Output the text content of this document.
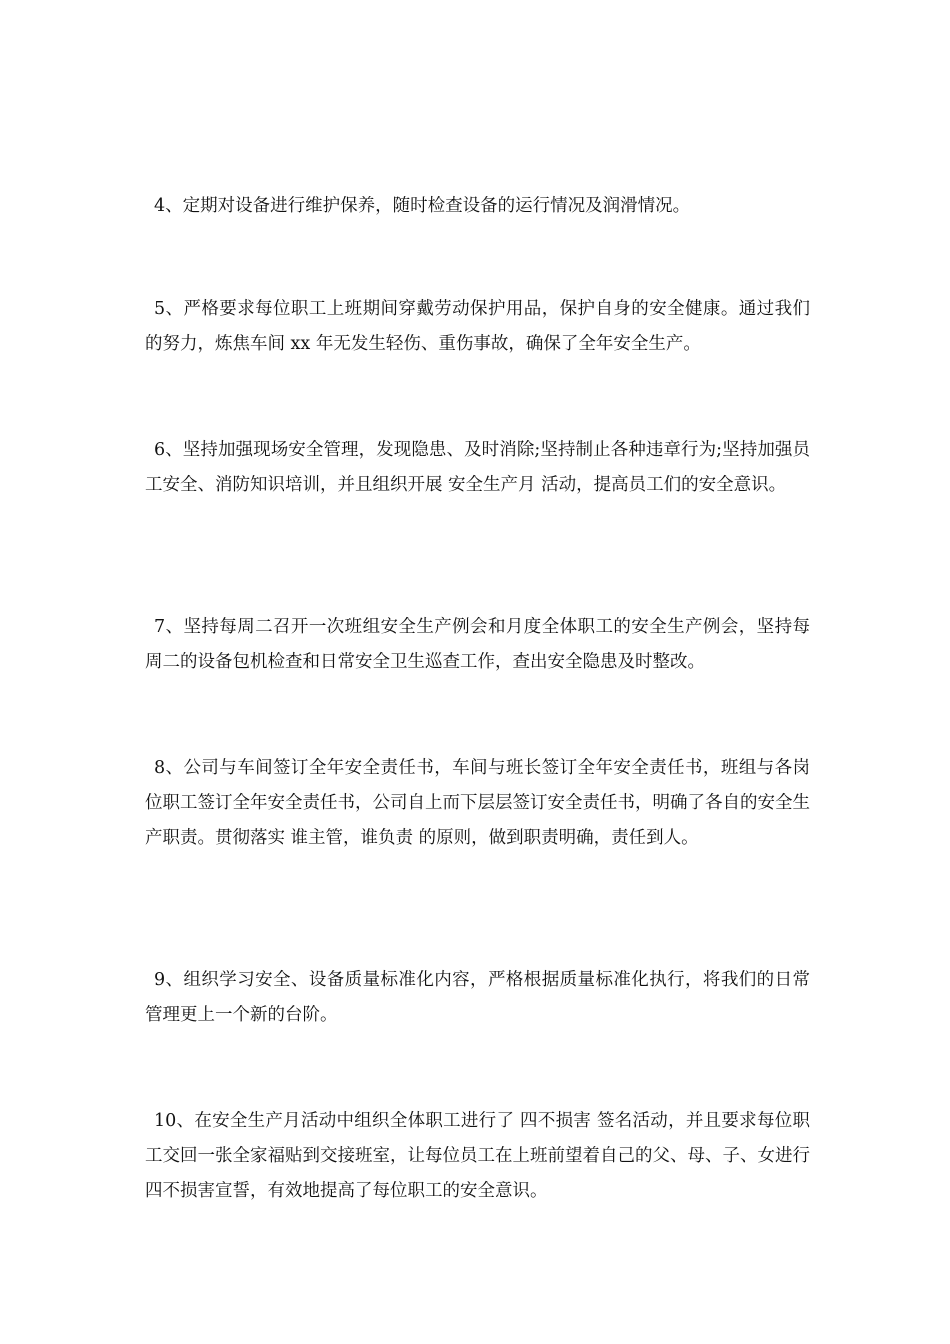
4、定期对设备进行维护保养，随时检查设备的运行情况及润滑情况。

5、严格要求每位职工上班期间穿戴劳动保护用品，保护自身的安全健康。通过我们的努力，炼焦车间 xx 年无发生轻伤、重伤事故，确保了全年安全生产。

6、坚持加强现场安全管理，发现隐患、及时消除;坚持制止各种违章行为;坚持加强员工安全、消防知识培训，并且组织开展 安全生产月 活动，提高员工们的安全意识。

7、坚持每周二召开一次班组安全生产例会和月度全体职工的安全生产例会，坚持每周二的设备包机检查和日常安全卫生巡查工作，查出安全隐患及时整改。

8、公司与车间签订全年安全责任书，车间与班长签订全年安全责任书，班组与各岗位职工签订全年安全责任书，公司自上而下层层签订安全责任书，明确了各自的安全生产职责。贯彻落实 谁主管，谁负责 的原则，做到职责明确，责任到人。

9、组织学习安全、设备质量标准化内容，严格根据质量标准化执行，将我们的日常管理更上一个新的台阶。

10、在安全生产月活动中组织全体职工进行了 四不损害 签名活动，并且要求每位职工交回一张全家福贴到交接班室，让每位员工在上班前望着自己的父、母、子、女进行四不损害宣誓，有效地提高了每位职工的安全意识。
